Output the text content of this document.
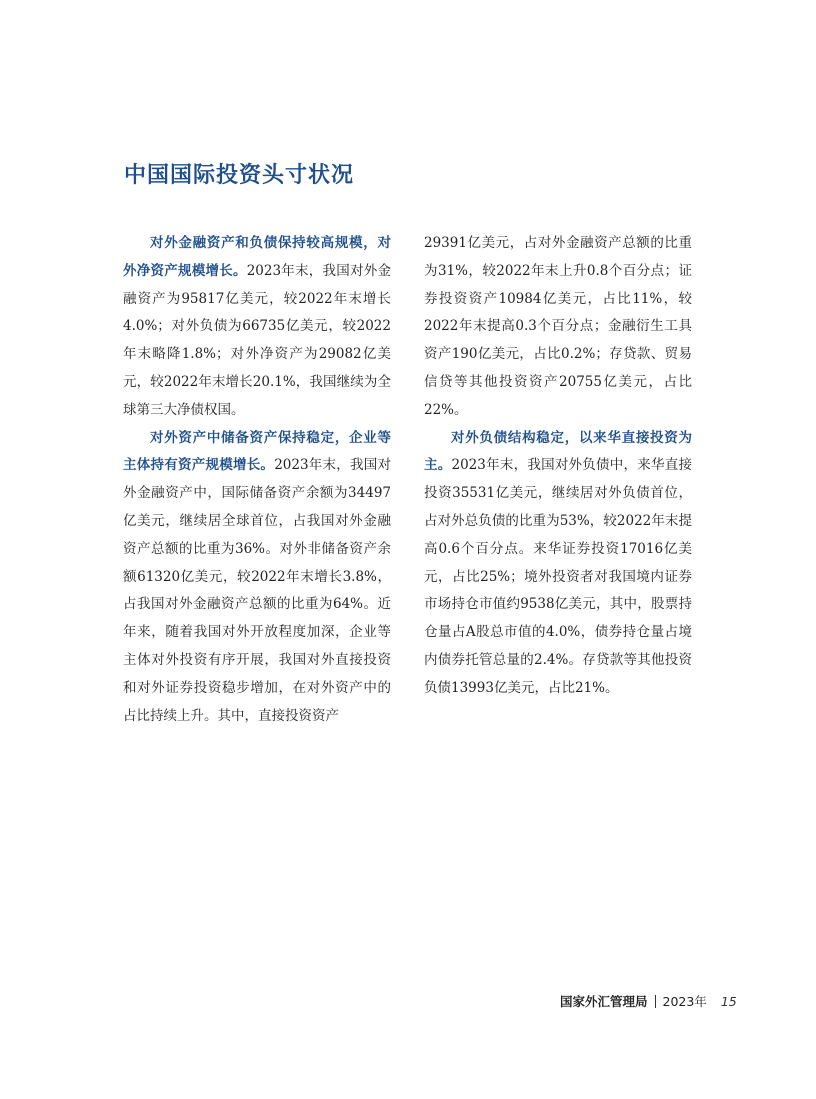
中国国际投资头寸状况

对外金融资产和负债保持较高规模，对外净资产规模增长。2023年末，我国对外金融资产为95817亿美元，较2022年末增长4.0%；对外负债为66735亿美元，较2022年末略降1.8%；对外净资产为29082亿美元，较2022年末增长20.1%，我国继续为全球第三大净债权国。

对外资产中储备资产保持稳定，企业等主体持有资产规模增长。2023年末，我国对外金融资产中，国际储备资产余额为34497亿美元，继续居全球首位，占我国对外金融资产总额的比重为36%。对外非储备资产余额61320亿美元，较2022年末增长3.8%，占我国对外金融资产总额的比重为64%。近年来，随着我国对外开放程度加深，企业等主体对外投资有序开展，我国对外直接投资和对外证券投资稳步增加，在对外资产中的占比持续上升。其中，直接投资资产

29391亿美元，占对外金融资产总额的比重为31%，较2022年末上升0.8个百分点；证券投资资产10984亿美元，占比11%，较2022年末提高0.3个百分点；金融衍生工具资产190亿美元，占比0.2%；存贷款、贸易信贷等其他投资资产20755亿美元，占比22%。

对外负债结构稳定，以来华直接投资为主。2023年末，我国对外负债中，来华直接投资35531亿美元，继续居对外负债首位，占对外总负债的比重为53%，较2022年末提高0.6个百分点。来华证券投资17016亿美元，占比25%；境外投资者对我国境内证券市场持仓市值约9538亿美元，其中，股票持仓量占A股总市值的4.0%，债券持仓量占境内债券托管总量的2.4%。存贷款等其他投资负债13993亿美元，占比21%。

国家外汇管理局 2023年 15
